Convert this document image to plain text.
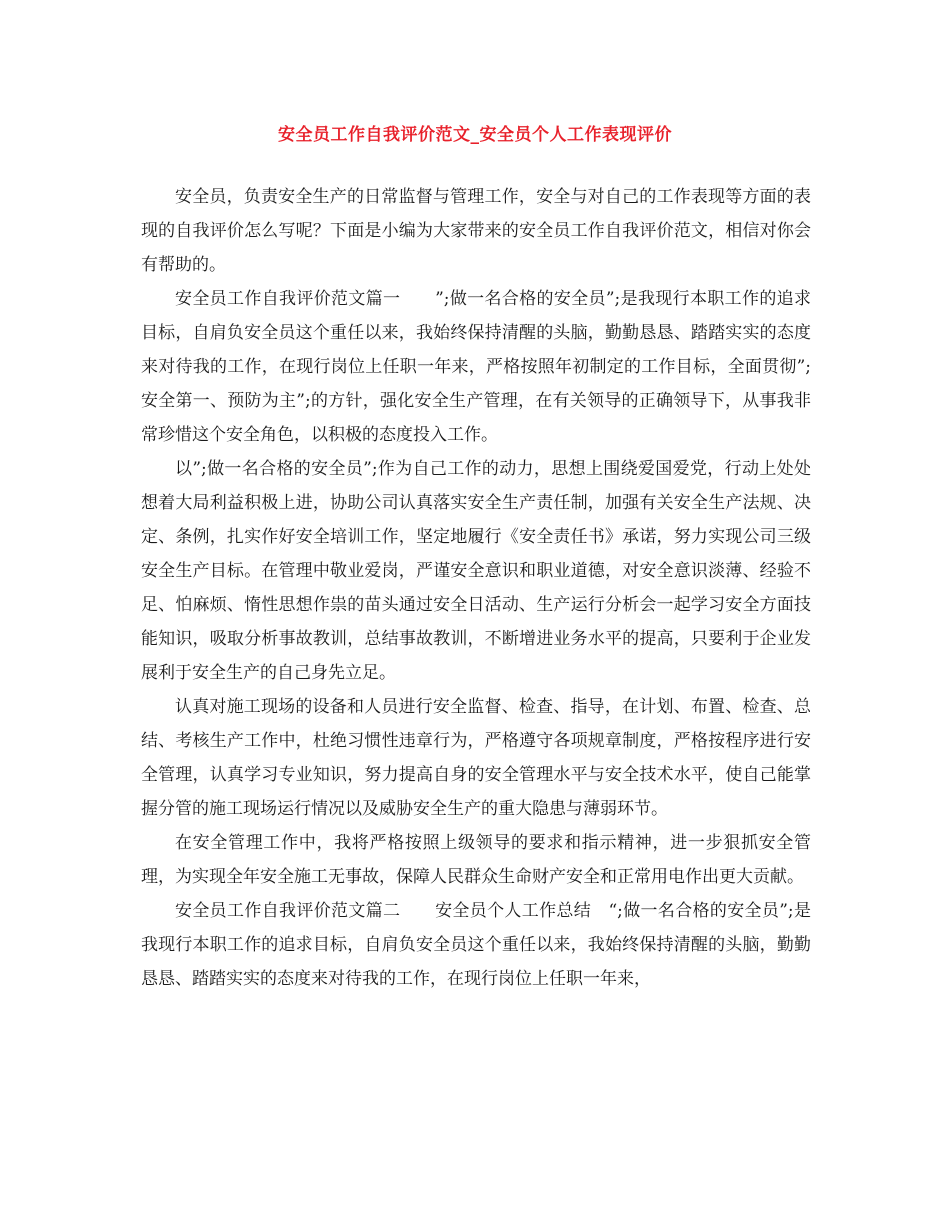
安全员工作自我评价范文_安全员个人工作表现评价

安全员，负责安全生产的日常监督与管理工作，安全与对自己的工作表现等方面的表现的自我评价怎么写呢？下面是小编为大家带来的安全员工作自我评价范文，相信对你会有帮助的。

安全员工作自我评价范文篇一　　”;做一名合格的安全员”;是我现行本职工作的追求目标，自肩负安全员这个重任以来，我始终保持清醒的头脑，勤勤恳恳、踏踏实实的态度来对待我的工作，在现行岗位上任职一年来，严格按照年初制定的工作目标，全面贯彻”;安全第一、预防为主”;的方针，强化安全生产管理，在有关领导的正确领导下，从事我非常珍惜这个安全角色，以积极的态度投入工作。

以”;做一名合格的安全员”;作为自己工作的动力，思想上围绕爱国爱党，行动上处处想着大局利益积极上进，协助公司认真落实安全生产责任制，加强有关安全生产法规、决定、条例，扎实作好安全培训工作，坚定地履行《安全责任书》承诺，努力实现公司三级安全生产目标。在管理中敬业爱岗，严谨安全意识和职业道德，对安全意识淡薄、经验不足、怕麻烦、惰性思想作祟的苗头通过安全日活动、生产运行分析会一起学习安全方面技能知识，吸取分析事故教训，总结事故教训，不断增进业务水平的提高，只要利于企业发展利于安全生产的自己身先立足。

认真对施工现场的设备和人员进行安全监督、检查、指导，在计划、布置、检查、总结、考核生产工作中，杜绝习惯性违章行为，严格遵守各项规章制度，严格按程序进行安全管理，认真学习专业知识，努力提高自身的安全管理水平与安全技术水平，使自己能掌握分管的施工现场运行情况以及威胁安全生产的重大隐患与薄弱环节。

在安全管理工作中，我将严格按照上级领导的要求和指示精神，进一步狠抓安全管理，为实现全年安全施工无事故，保障人民群众生命财产安全和正常用电作出更大贡献。

安全员工作自我评价范文篇二　　安全员个人工作总结　“;做一名合格的安全员”;是我现行本职工作的追求目标，自肩负安全员这个重任以来，我始终保持清醒的头脑，勤勤恳恳、踏踏实实的态度来对待我的工作，在现行岗位上任职一年来，
